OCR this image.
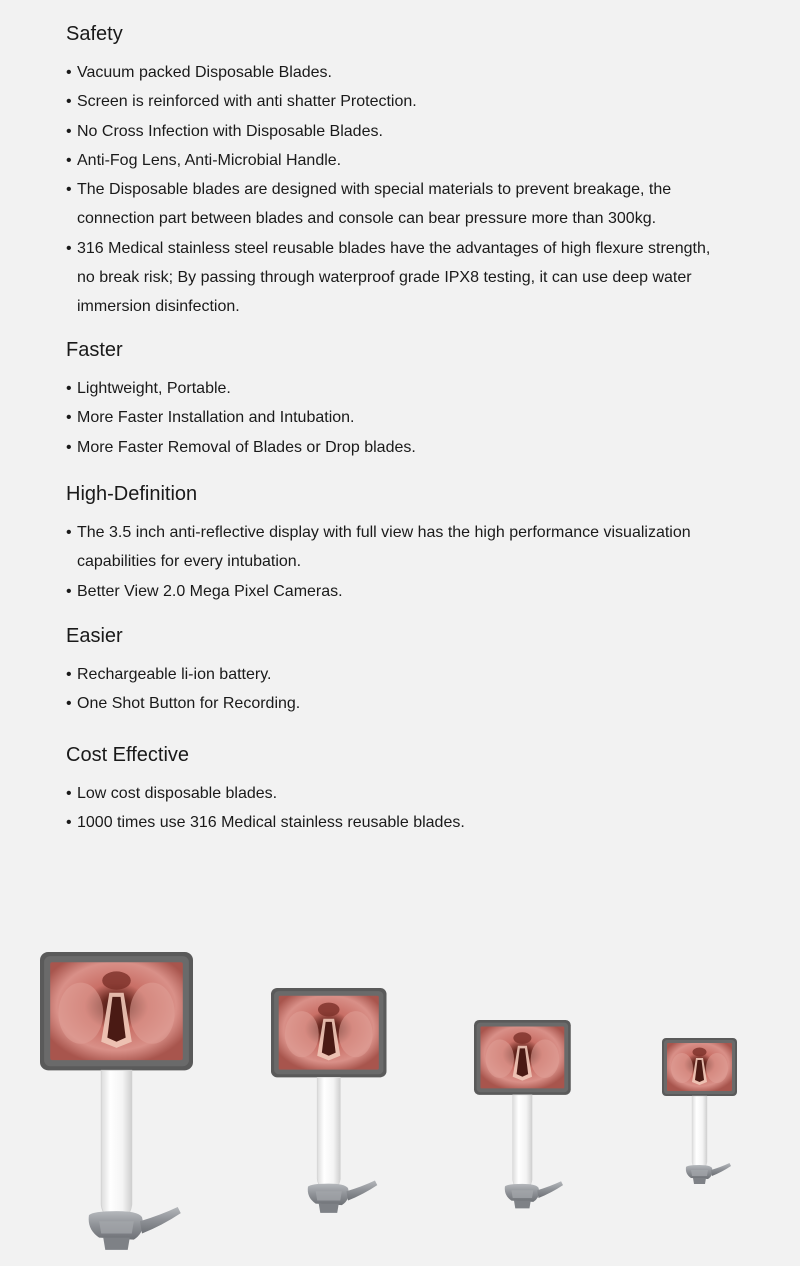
Safety
• Vacuum packed Disposable Blades.
• Screen is reinforced with anti shatter Protection.
• No Cross Infection with Disposable Blades.
• Anti-Fog Lens, Anti-Microbial Handle.
• The Disposable blades are designed with special materials to prevent breakage, the
connection part between blades and console can bear pressure more than 300kg.
• 316 Medical stainless steel reusable blades have the advantages of high flexure strength,
no break risk; By passing through waterproof grade IPX8 testing, it can use deep water
immersion disinfection.
Faster
• Lightweight, Portable.
• More Faster Installation and Intubation.
• More Faster Removal of Blades or Drop blades.
High-Definition
• The 3.5 inch anti-reflective display with full view has the high performance visualization
capabilities for every intubation.
• Better View 2.0 Mega Pixel Cameras.
Easier
• Rechargeable li-ion battery.
• One Shot Button for Recording.
Cost Effective
• Low cost disposable blades.
• 1000 times use 316 Medical stainless reusable blades.
